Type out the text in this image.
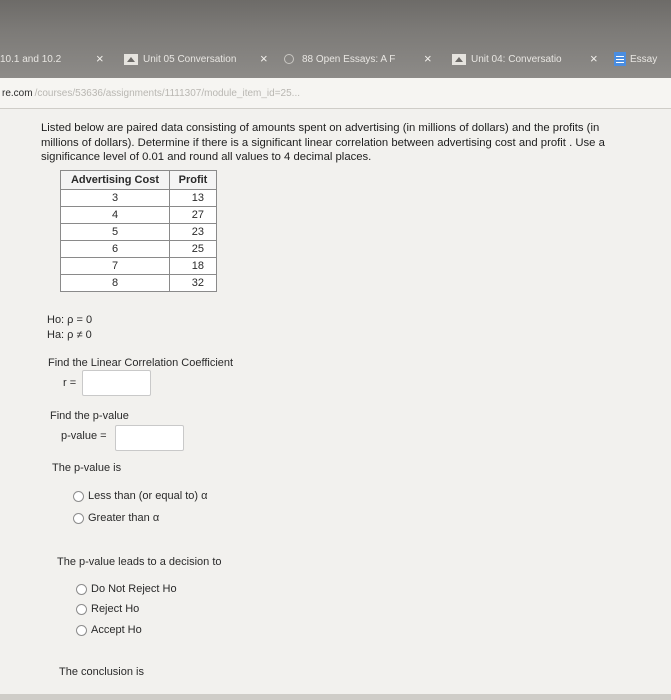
10.1 and 10.2	×	Unit 05 Conversation ×	88 Open Essays: A F ×	Unit 04: Conversatio ×	Essay
re.com /courses/53636/assignments/1111307/module_item_id=25...
Listed below are paired data consisting of amounts spent on advertising (in millions of dollars) and the profits (in millions of dollars). Determine if there is a significant linear correlation between advertising cost and profit . Use a significance level of 0.01 and round all values to 4 decimal places.
Advertising Cost	Profit
3	13
4	27
5	23
6	25
7	18
8	32
Ho: ρ = 0
Ha: ρ ≠ 0
Find the Linear Correlation Coefficient
r =
Find the p-value
p-value =
The p-value is
Less than (or equal to) α
Greater than α
The p-value leads to a decision to
Do Not Reject Ho
Reject Ho
Accept Ho
The conclusion is
